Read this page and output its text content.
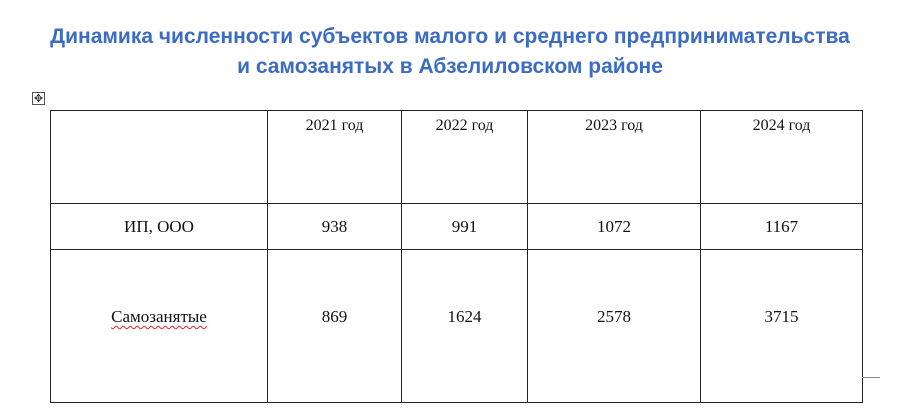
Динамика численности субъектов малого и среднего предпринимательства
и самозанятых в Абзелиловском районе
✥
	2021 год	2022 год	2023 год	2024 год
ИП, ООО	938	991	1072	1167
Самозанятые	869	1624	2578	3715
